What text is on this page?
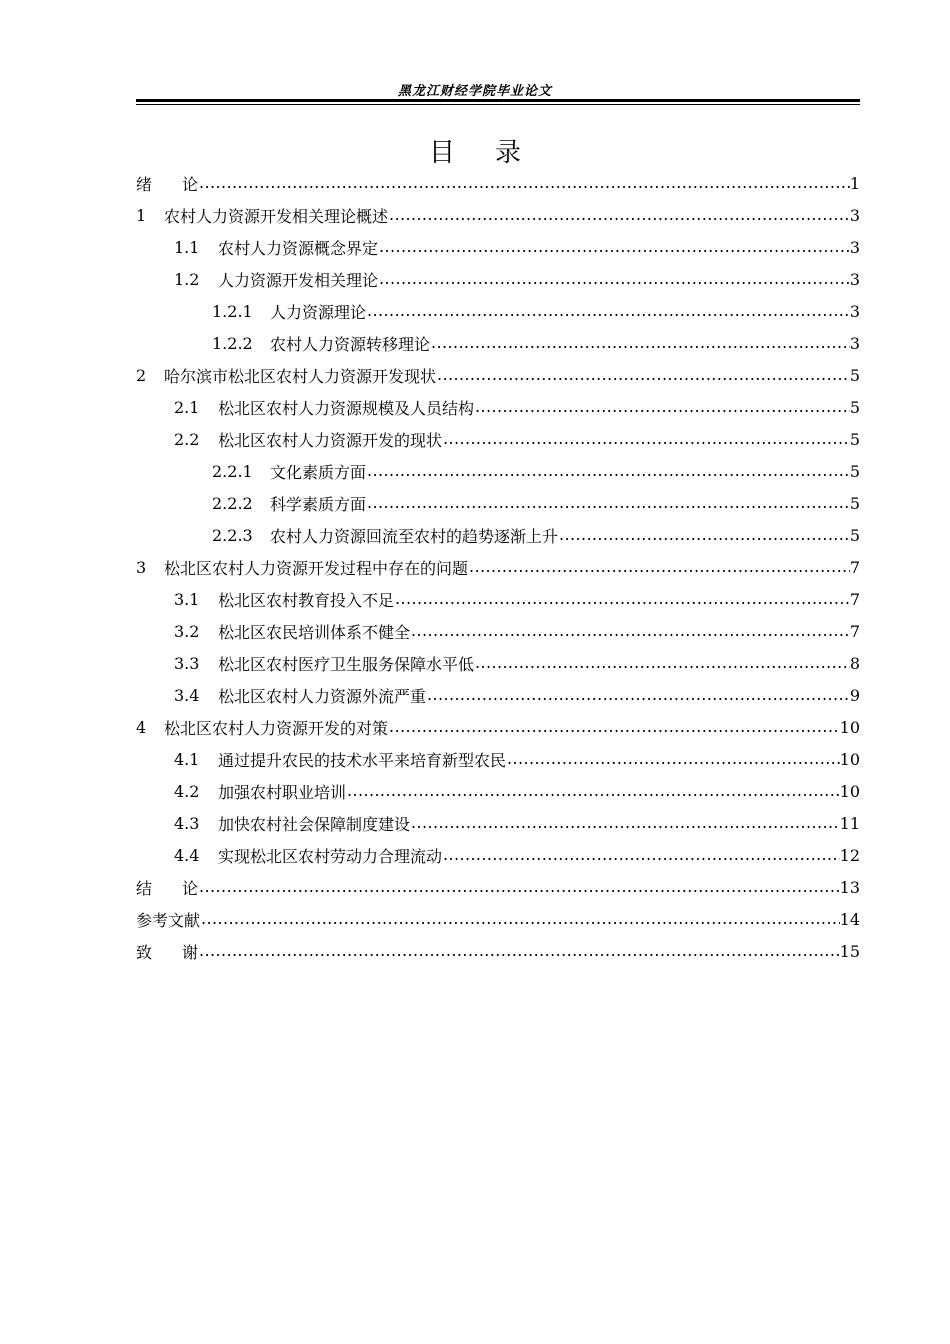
黑龙江财经学院毕业论文
目录
绪论 .....	1
1	农村人力资源开发相关理论概述 .....	3
1.1	农村人力资源概念界定 .....	3
1.2	人力资源开发相关理论 .....	3
1.2.1	人力资源理论 .....	3
1.2.2	农村人力资源转移理论 .....	3
2	哈尔滨市松北区农村人力资源开发现状 .....	5
2.1	松北区农村人力资源规模及人员结构 .....	5
2.2	松北区农村人力资源开发的现状 .....	5
2.2.1	文化素质方面 .....	5
2.2.2	科学素质方面 .....	5
2.2.3	农村人力资源回流至农村的趋势逐渐上升 .....	5
3	松北区农村人力资源开发过程中存在的问题 .....	7
3.1	松北区农村教育投入不足 .....	7
3.2	松北区农民培训体系不健全 .....	7
3.3	松北区农村医疗卫生服务保障水平低 .....	8
3.4	松北区农村人力资源外流严重 .....	9
4	松北区农村人力资源开发的对策 .....	10
4.1	通过提升农民的技术水平来培育新型农民 .....	10
4.2	加强农村职业培训 .....	10
4.3	加快农村社会保障制度建设 .....	11
4.4	实现松北区农村劳动力合理流动 .....	12
结论 .....	13
参考文献 .....	14
致谢 .....	15
